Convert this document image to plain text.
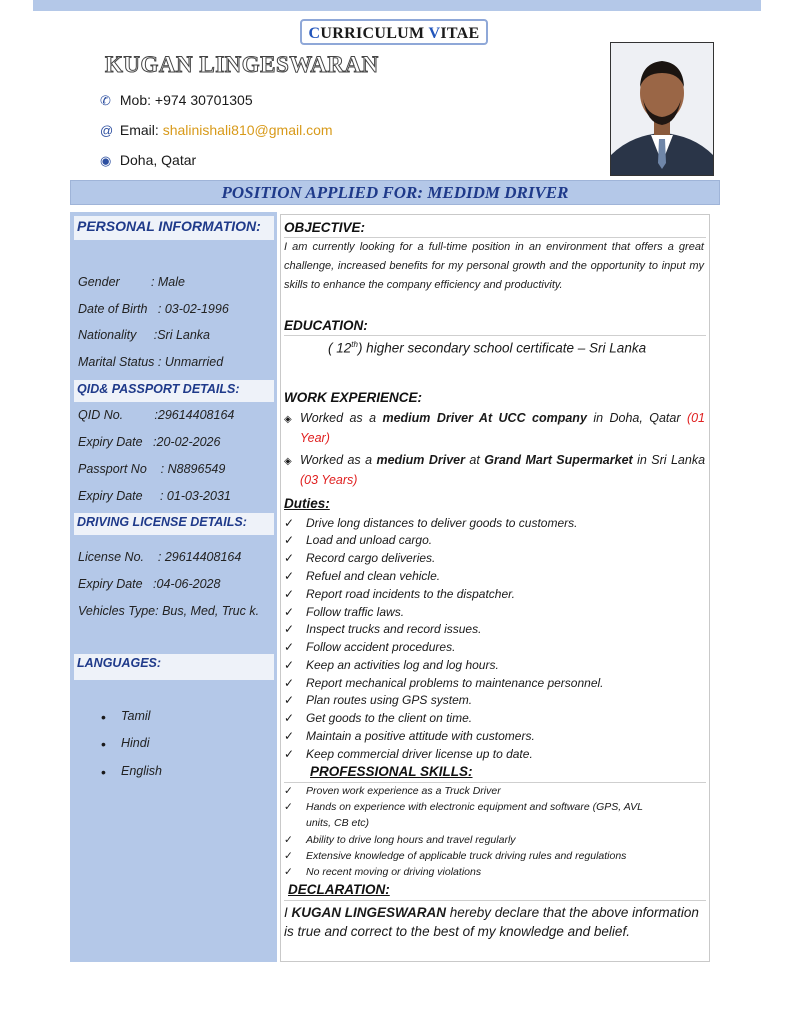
CURRICULUM VITAE
KUGAN LINGESWARAN
✆ Mob: +974 30701305
@ Email: shalinishali810@gmail.com
◉ Doha, Qatar
POSITION APPLIED FOR: MEDIDM DRIVER
PERSONAL INFORMATION:
Gender         : Male
Date of Birth   : 03-02-1996
Nationality     :Sri Lanka
Marital Status : Unmarried
QID& PASSPORT DETAILS:
QID No.         :29614408164
Expiry Date   :20-02-2026
Passport No    : N8896549
Expiry Date     : 01-03-2031
DRIVING LICENSE DETAILS:
License No.    : 29614408164
Expiry Date   :04-06-2028
Vehicles Type: Bus, Med, Truc k.
LANGUAGES:
• Tamil
• Hindi
• English
OBJECTIVE:
I am currently looking for a full-time position in an environment that offers a great challenge, increased benefits for my personal growth and the opportunity to input my skills to enhance the company efficiency and productivity.
EDUCATION:
( 12th) higher secondary school certificate – Sri Lanka
WORK EXPERIENCE:
◈ Worked as a medium Driver At UCC company in Doha, Qatar (01 Year)
◈ Worked as a medium Driver at Grand Mart Supermarket in Sri Lanka (03 Years)
Duties:
✓ Drive long distances to deliver goods to customers.
✓ Load and unload cargo.
✓ Record cargo deliveries.
✓ Refuel and clean vehicle.
✓ Report road incidents to the dispatcher.
✓ Follow traffic laws.
✓ Inspect trucks and record issues.
✓ Follow accident procedures.
✓ Keep an activities log and log hours.
✓ Report mechanical problems to maintenance personnel.
✓ Plan routes using GPS system.
✓ Get goods to the client on time.
✓ Maintain a positive attitude with customers.
✓ Keep commercial driver license up to date.
PROFESSIONAL SKILLS:
✓ Proven work experience as a Truck Driver
✓ Hands on experience with electronic equipment and software (GPS, AVL
units, CB etc)
✓ Ability to drive long hours and travel regularly
✓ Extensive knowledge of applicable truck driving rules and regulations
✓ No recent moving or driving violations
DECLARATION:
I KUGAN LINGESWARAN hereby declare that the above information is true and correct to the best of my knowledge and belief.
